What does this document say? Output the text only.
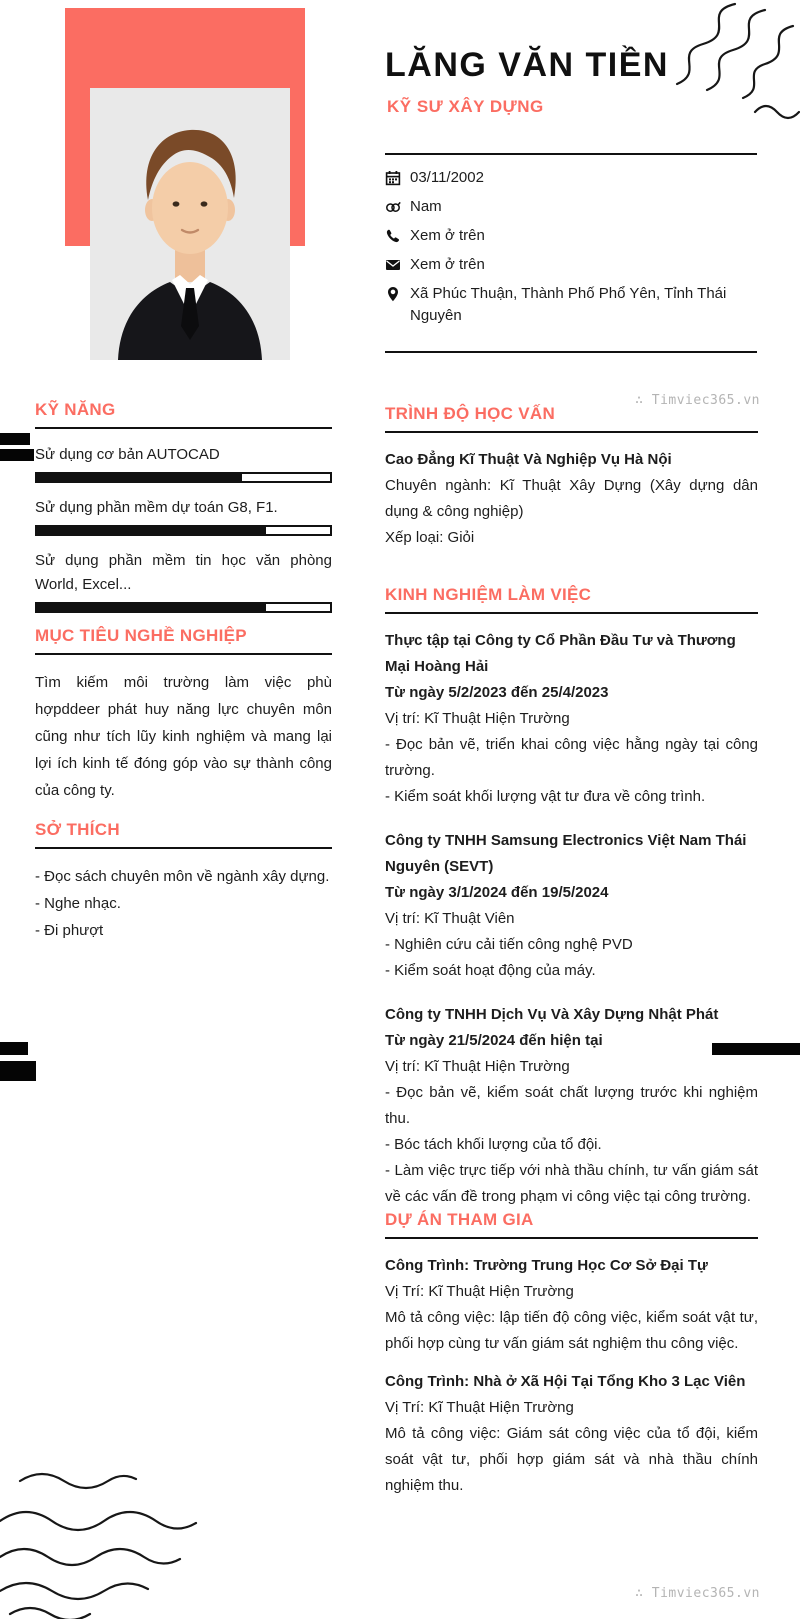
LĂNG VĂN TIỀN
KỸ SƯ XÂY DỰNG
03/11/2002
Nam
Xem ở trên
Xem ở trên
Xã Phúc Thuận, Thành Phố Phổ Yên, Tỉnh Thái Nguyên
∴ Timviec365.vn
KỸ NĂNG
Sử dụng cơ bản AUTOCAD
Sử dụng phần mềm dự toán G8, F1.
Sử dụng phần mềm tin học văn phòng World, Excel...
MỤC TIÊU NGHỀ NGHIỆP

Tìm kiếm môi trường làm việc phù hợpddeer phát huy năng lực chuyên môn cũng như tích lũy kinh nghiệm và mang lại lợi ích kinh tế đóng góp vào sự thành công của công ty.

SỞ THÍCH
- Đọc sách chuyên môn về ngành xây dựng.
- Nghe nhạc.
- Đi phượt
TRÌNH ĐỘ HỌC VẤN
Cao Đẳng Kĩ Thuật Và Nghiệp Vụ Hà Nội
Chuyên ngành: Kĩ Thuật Xây Dựng (Xây dựng dân dụng & công nghiệp)
Xếp loại: Giỏi
KINH NGHIỆM LÀM VIỆC
Thực tập tại Công ty Cổ Phần Đầu Tư và Thương Mại Hoàng Hải
Từ ngày 5/2/2023 đến 25/4/2023
Vị trí: Kĩ Thuật Hiện Trường
- Đọc bản vẽ, triển khai công việc hằng ngày tại công trường.
- Kiểm soát khối lượng vật tư đưa về công trình.
Công ty TNHH Samsung Electronics Việt Nam Thái Nguyên (SEVT)
Từ ngày 3/1/2024 đến 19/5/2024
Vị trí: Kĩ Thuật Viên
- Nghiên cứu cải tiến công nghệ PVD
- Kiểm soát hoạt động của máy.
Công ty TNHH Dịch Vụ Và Xây Dựng Nhật Phát
Từ ngày 21/5/2024 đến hiện tại
Vị trí: Kĩ Thuật Hiện Trường
- Đọc bản vẽ, kiểm soát chất lượng trước khi nghiệm thu.
- Bóc tách khối lượng của tổ đội.
- Làm việc trực tiếp với nhà thầu chính, tư vấn giám sát về các vấn đề trong phạm vi công việc tại công trường.
DỰ ÁN THAM GIA
Công Trình: Trường Trung Học Cơ Sở Đại Tự
Vị Trí: Kĩ Thuật Hiện Trường
Mô tả công việc: lập tiến độ công việc, kiểm soát vật tư, phối hợp cùng tư vấn giám sát nghiệm thu công việc.
Công Trình: Nhà ở Xã Hội Tại Tổng Kho 3 Lạc Viên
Vị Trí: Kĩ Thuật Hiện Trường
Mô tả công việc: Giám sát công việc của tổ đội, kiểm soát vật tư, phối hợp giám sát và nhà thầu chính nghiệm thu.
∴ Timviec365.vn
